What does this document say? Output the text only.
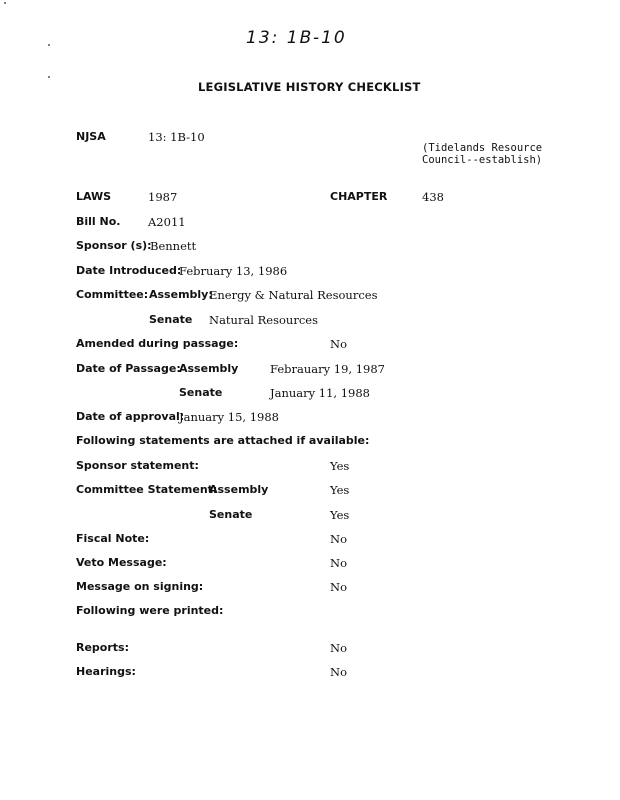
13: 1B-10
LEGISLATIVE HISTORY CHECKLIST
NJSA	13: 1B-10
(Tidelands Resource Council--establish)
LAWS	1987	CHAPTER	438
Bill No. A2011
Sponsor (s):
Bennett
Date Introduced:
February 13, 1986
Committee: Assembly:
Energy & Natural Resources
Senate Natural Resources
Amended during passage:	No
Date of Passage:
Assembly	Febrauary 19, 1987
Senate	January 11, 1988
Date of approval:
January 15, 1988
Following statements are attached if available:
Sponsor statement:	Yes
Committee Statement:
Assembly	Yes
Senate	Yes
Fiscal Note:	No
Veto Message:	No
Message on signing:	No
Following were printed:
Reports:	No
Hearings:	No
